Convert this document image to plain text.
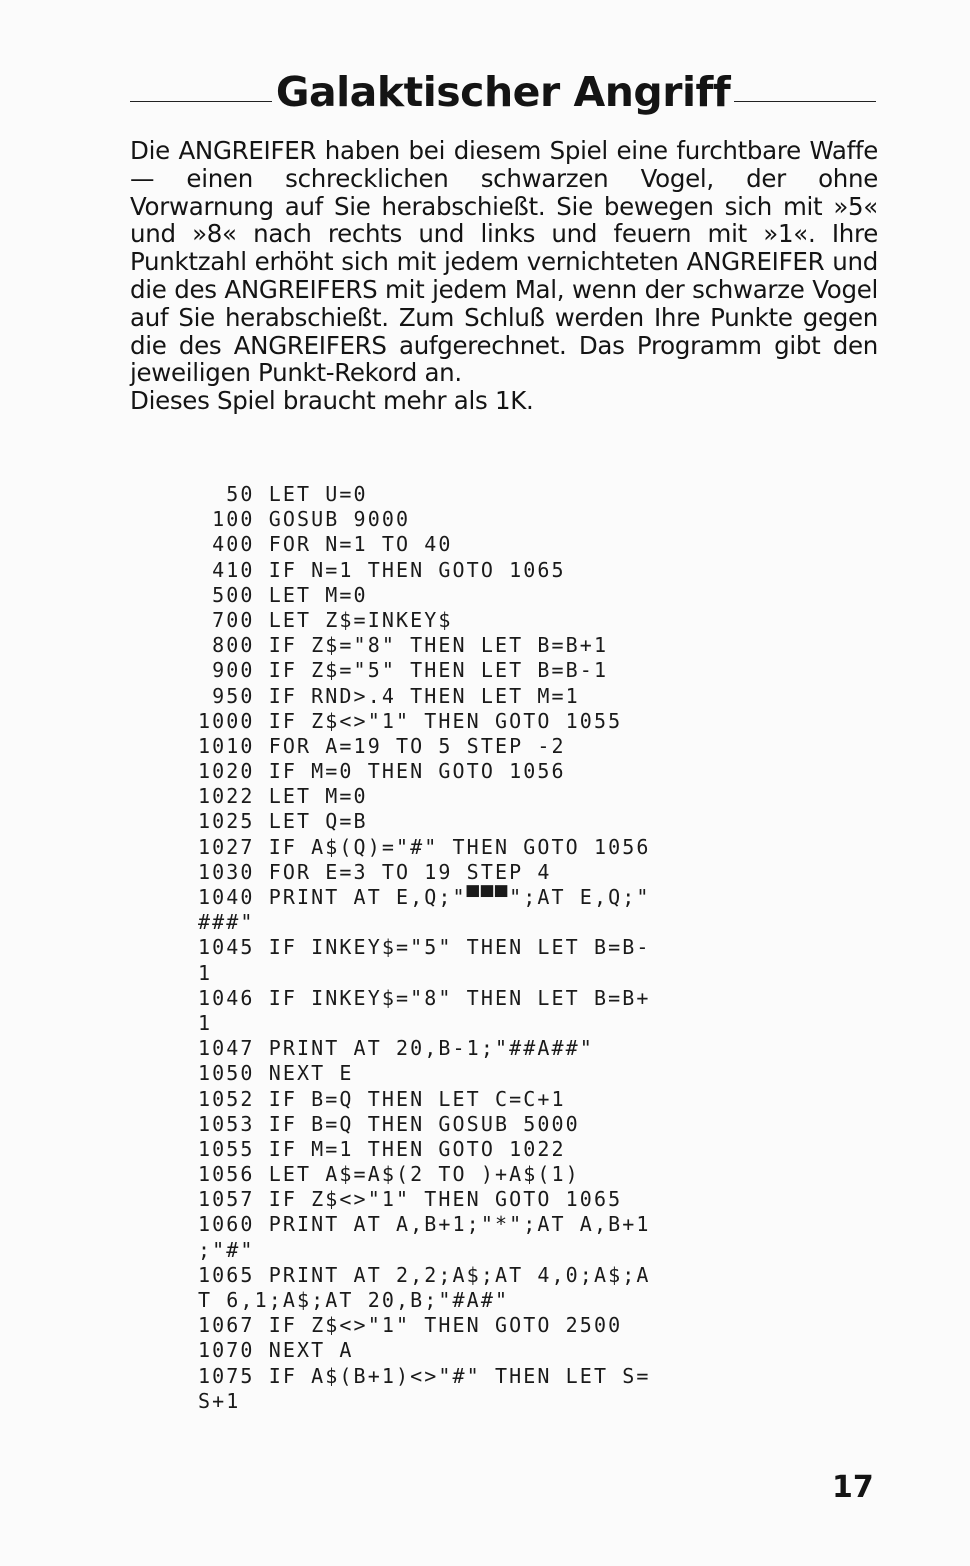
Galaktischer Angriff
Die ANGREIFER haben bei diesem Spiel eine furchtbare Waffe — einen schrecklichen schwarzen Vogel, der ohne Vorwarnung auf Sie herabschießt. Sie bewegen sich mit »5« und »8« nach rechts und links und feuern mit »1«. Ihre Punktzahl erhöht sich mit jedem vernichteten ANGREIFER und die des ANGREIFERS mit jedem Mal, wenn der schwarze Vogel auf Sie herabschießt. Zum Schluß werden Ihre Punkte gegen die des ANGREIFERS aufgerechnet. Das Programm gibt den jeweiligen Punkt-Rekord an.
Dieses Spiel braucht mehr als 1K.
50 LET U=0
100 GOSUB 9000
400 FOR N=1 TO 40
410 IF N=1 THEN GOTO 1065
500 LET M=0
700 LET Z$=INKEY$
800 IF Z$="8" THEN LET B=B+1
900 IF Z$="5" THEN LET B=B-1
950 IF RND>.4 THEN LET M=1
1000 IF Z$<>"1" THEN GOTO 1055
1010 FOR A=19 TO 5 STEP -2
1020 IF M=0 THEN GOTO 1056
1022 LET M=0
1025 LET Q=B
1027 IF A$(Q)="#" THEN GOTO 1056
1030 FOR E=3 TO 19 STEP 4
1040 PRINT AT E,Q;"▀▀▀";AT E,Q;"
###"
1045 IF INKEY$="5" THEN LET B=B-
1
1046 IF INKEY$="8" THEN LET B=B+
1
1047 PRINT AT 20,B-1;"##A##"
1050 NEXT E
1052 IF B=Q THEN LET C=C+1
1053 IF B=Q THEN GOSUB 5000
1055 IF M=1 THEN GOTO 1022
1056 LET A$=A$(2 TO )+A$(1)
1057 IF Z$<>"1" THEN GOTO 1065
1060 PRINT AT A,B+1;"*";AT A,B+1
;"#"
1065 PRINT AT 2,2;A$;AT 4,0;A$;A
T 6,1;A$;AT 20,B;"#A#"
1067 IF Z$<>"1" THEN GOTO 2500
1070 NEXT A
1075 IF A$(B+1)<>"#" THEN LET S=
S+1
17
